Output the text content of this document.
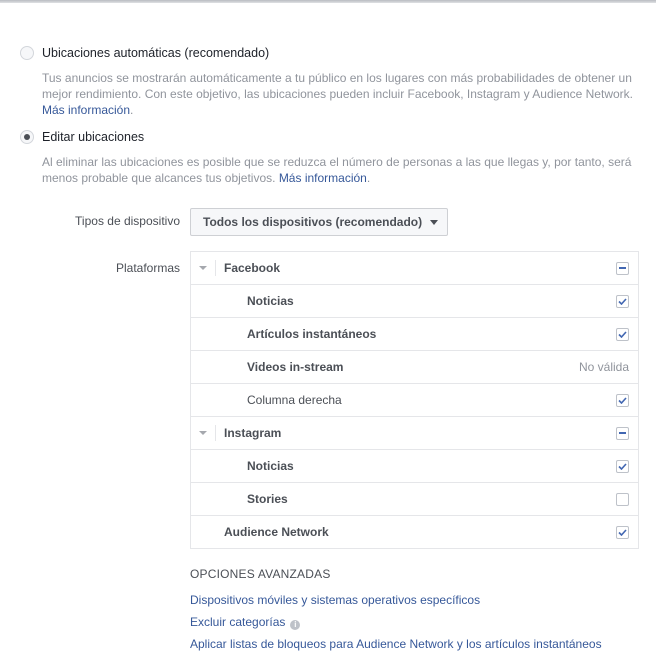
Ubicaciones automáticas (recomendado)
Tus anuncios se mostrarán automáticamente a tu público en los lugares con más probabilidades de obtener un mejor rendimiento. Con este objetivo, las ubicaciones pueden incluir Facebook, Instagram y Audience Network. Más información.
Editar ubicaciones
Al eliminar las ubicaciones es posible que se reduzca el número de personas a las que llegas y, por tanto, será menos probable que alcances tus objetivos. Más información.
Tipos de dispositivo Todos los dispositivos (recomendado)
Plataformas	Facebook
Noticias
Artículos instantáneos
Videos in-stream	No válida
Columna derecha
Instagram
Noticias
Stories
Audience Network
OPCIONES AVANZADAS
Dispositivos móviles y sistemas operativos específicos
Excluir categorías i
Aplicar listas de bloqueos para Audience Network y los artículos instantáneos
